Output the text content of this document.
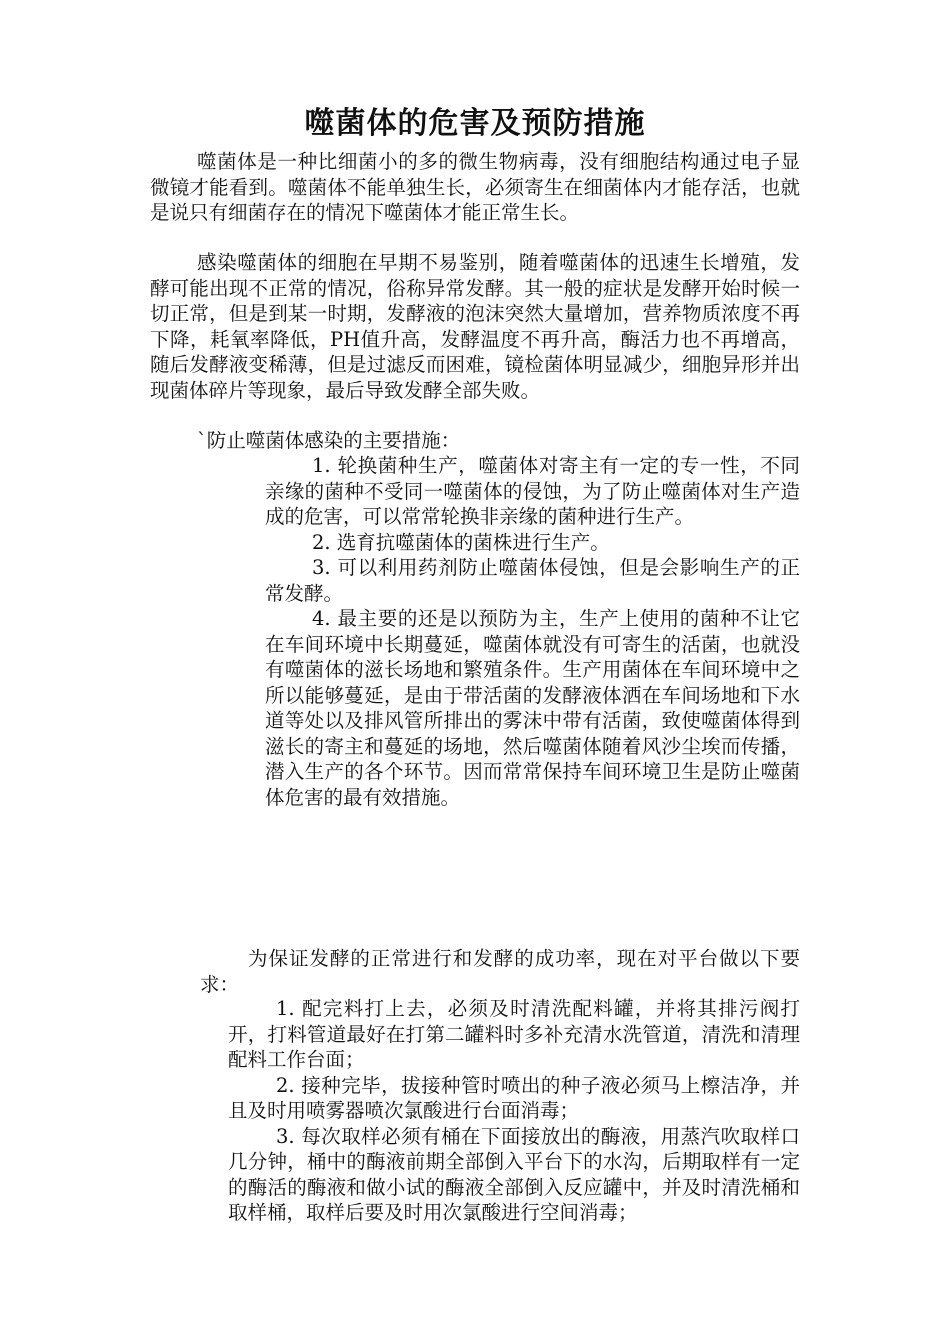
噬菌体的危害及预防措施

噬菌体是一种比细菌小的多的微生物病毒，没有细胞结构通过电子显微镜才能看到。噬菌体不能单独生长，必须寄生在细菌体内才能存活，也就是说只有细菌存在的情况下噬菌体才能正常生长。

感染噬菌体的细胞在早期不易鉴别，随着噬菌体的迅速生长增殖，发酵可能出现不正常的情况，俗称异常发酵。其一般的症状是发酵开始时候一切正常，但是到某一时期，发酵液的泡沫突然大量增加，营养物质浓度不再下降，耗氧率降低，PH值升高，发酵温度不再升高，酶活力也不再增高，随后发酵液变稀薄，但是过滤反而困难，镜检菌体明显减少，细胞异形并出现菌体碎片等现象，最后导致发酵全部失败。

`防止噬菌体感染的主要措施：

1. 轮换菌种生产，噬菌体对寄主有一定的专一性，不同亲缘的菌种不受同一噬菌体的侵蚀，为了防止噬菌体对生产造成的危害，可以常常轮换非亲缘的菌种进行生产。

2. 选育抗噬菌体的菌株进行生产。

3. 可以利用药剂防止噬菌体侵蚀，但是会影响生产的正常发酵。

4. 最主要的还是以预防为主，生产上使用的菌种不让它在车间环境中长期蔓延，噬菌体就没有可寄生的活菌，也就没有噬菌体的滋长场地和繁殖条件。生产用菌体在车间环境中之所以能够蔓延，是由于带活菌的发酵液体洒在车间场地和下水道等处以及排风管所排出的雾沫中带有活菌，致使噬菌体得到滋长的寄主和蔓延的场地，然后噬菌体随着风沙尘埃而传播，潜入生产的各个环节。因而常常保持车间环境卫生是防止噬菌体危害的最有效措施。

为保证发酵的正常进行和发酵的成功率，现在对平台做以下要求：

1. 配完料打上去，必须及时清洗配料罐，并将其排污阀打开，打料管道最好在打第二罐料时多补充清水洗管道，清洗和清理配料工作台面；

2. 接种完毕，拔接种管时喷出的种子液必须马上檫洁净，并且及时用喷雾器喷次氯酸进行台面消毒；

3. 每次取样必须有桶在下面接放出的酶液，用蒸汽吹取样口几分钟，桶中的酶液前期全部倒入平台下的水沟，后期取样有一定的酶活的酶液和做小试的酶液全部倒入反应罐中，并及时清洗桶和取样桶，取样后要及时用次氯酸进行空间消毒；
